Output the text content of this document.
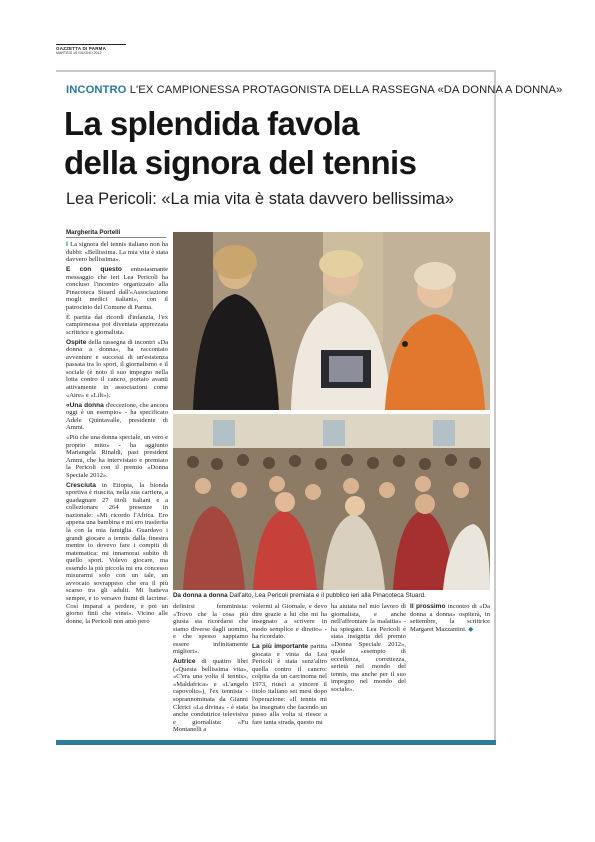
GAZZETTA DI PARMA
MARTEDÌ 19 GIUGNO 2012
INCONTRO L'EX CAMPIONESSA PROTAGONISTA DELLA RASSEGNA «DA DONNA A DONNA»
La splendida favola
della signora del tennis
Lea Pericoli: «La mia vita è stata davvero bellissima»
Margherita Portelli

‖ La signora del tennis italiano non ha dubbi: «Bellissima. La mia vita è stata davvero bellissima».

E con questo entusiasmante messaggio che ieri Lea Pericoli ha concluso l'incontro organizzato alla Pinacoteca Stuard dall'«Associazione mogli medici italiani», con il patrocinio del Comune di Parma.

È partita dai ricordi d'infanzia, l'ex campionessa poi diventata apprezzata scrittrice e giornalista.

Ospite della rassegna di incontri «Da donna a donna», ha raccontato avventure e successi di un'esistenza passata tra lo sport, il giornalismo e il sociale (è noto il suo impegno nella lotta contro il cancro, portato avanti attivamente in associazioni come «Aire» e «Lilt»).

«Una donna d'eccezione, che ancora oggi è un esempio» - ha specificato Adele Quintavalle, presidente di Ammi.

«Più che una donna speciale, un vero e proprio mito» - ha aggiunto Mariangela Rinaldi, past president Ammi, che ha intervistato e premiato la Pericoli con il premio «Donna Speciale 2012».

Cresciuta in Etiopia, la bionda sportiva è riuscita, nella sua carriera, a guadagnare 27 titoli italiani e a collezionare 264 presenze in nazionale: «Mi ricordo l'Africa. Ero appena una bambina e mi ero trasferita là con la mia famiglia. Guardavo i grandi giocare a tennis dalla finestra mentre io dovevo fare i compiti di matematica: mi innamorai subito di quello sport. Volevo giocare, ma essendo la più piccola mi era concesso misurarmi solo con un tale, un avvocato sovrappeso che era il più scarso tra gli adulti. Mi batteva sempre, e io versavo fiumi di lacrime. Così imparai a perdere, e poi un giorno finii che vinsi». Vicino alle donne, la Pericoli non amò però

Da donna a donna Dall'alto, Lea Pericoli premiata e il pubblico ieri alla Pinacoteca Stuard.

definirsi femminista: «Trovo che la cosa più giusta sia ricordarsi che siamo diverse dagli uomini, e che spesso sappiamo essere infinitamente migliori».

Autrice di quattro libri («Questa bellissima vita», «C'era una volta il tennis», «Maldafrica» e «L'angelo capovolto»), l'ex tennista - soprannominata da Gianni Clerici «La divina» - è stata anche conduttrice televisiva e giornalista: «Fu Montanelli a

volermi al Giornale, e devo dire grazie a lui che mi ha insegnato a scrivere in modo semplice e diretto» - ha ricordato.

La più importante partita giocata e vinta da Lea Pericoli è stata senz'altro quella contro il cancro: colpita da un carcinoma nel 1973, riuscì a vincere il titolo italiano sei mesi dopo l'operazione: «Il tennis mi ha insegnato che facendo un passo alla volta si riesce a fare tanta strada, questo mi

ha aiutata nel mio lavoro di giornalista, e anche nell'affrontare la malattia» - ha spiegato. Lea Pericoli è stata insignita del premio «Donna Speciale 2012», quale «esempio di eccellenza, correttezza, serietà nel mondo del tennis, ma anche per il suo impegno nel mondo del sociale».

Il prossimo incontro di «Da donna a donna» ospiterà, in settembre, la scrittrice Margaret Mazzantini. ◆
